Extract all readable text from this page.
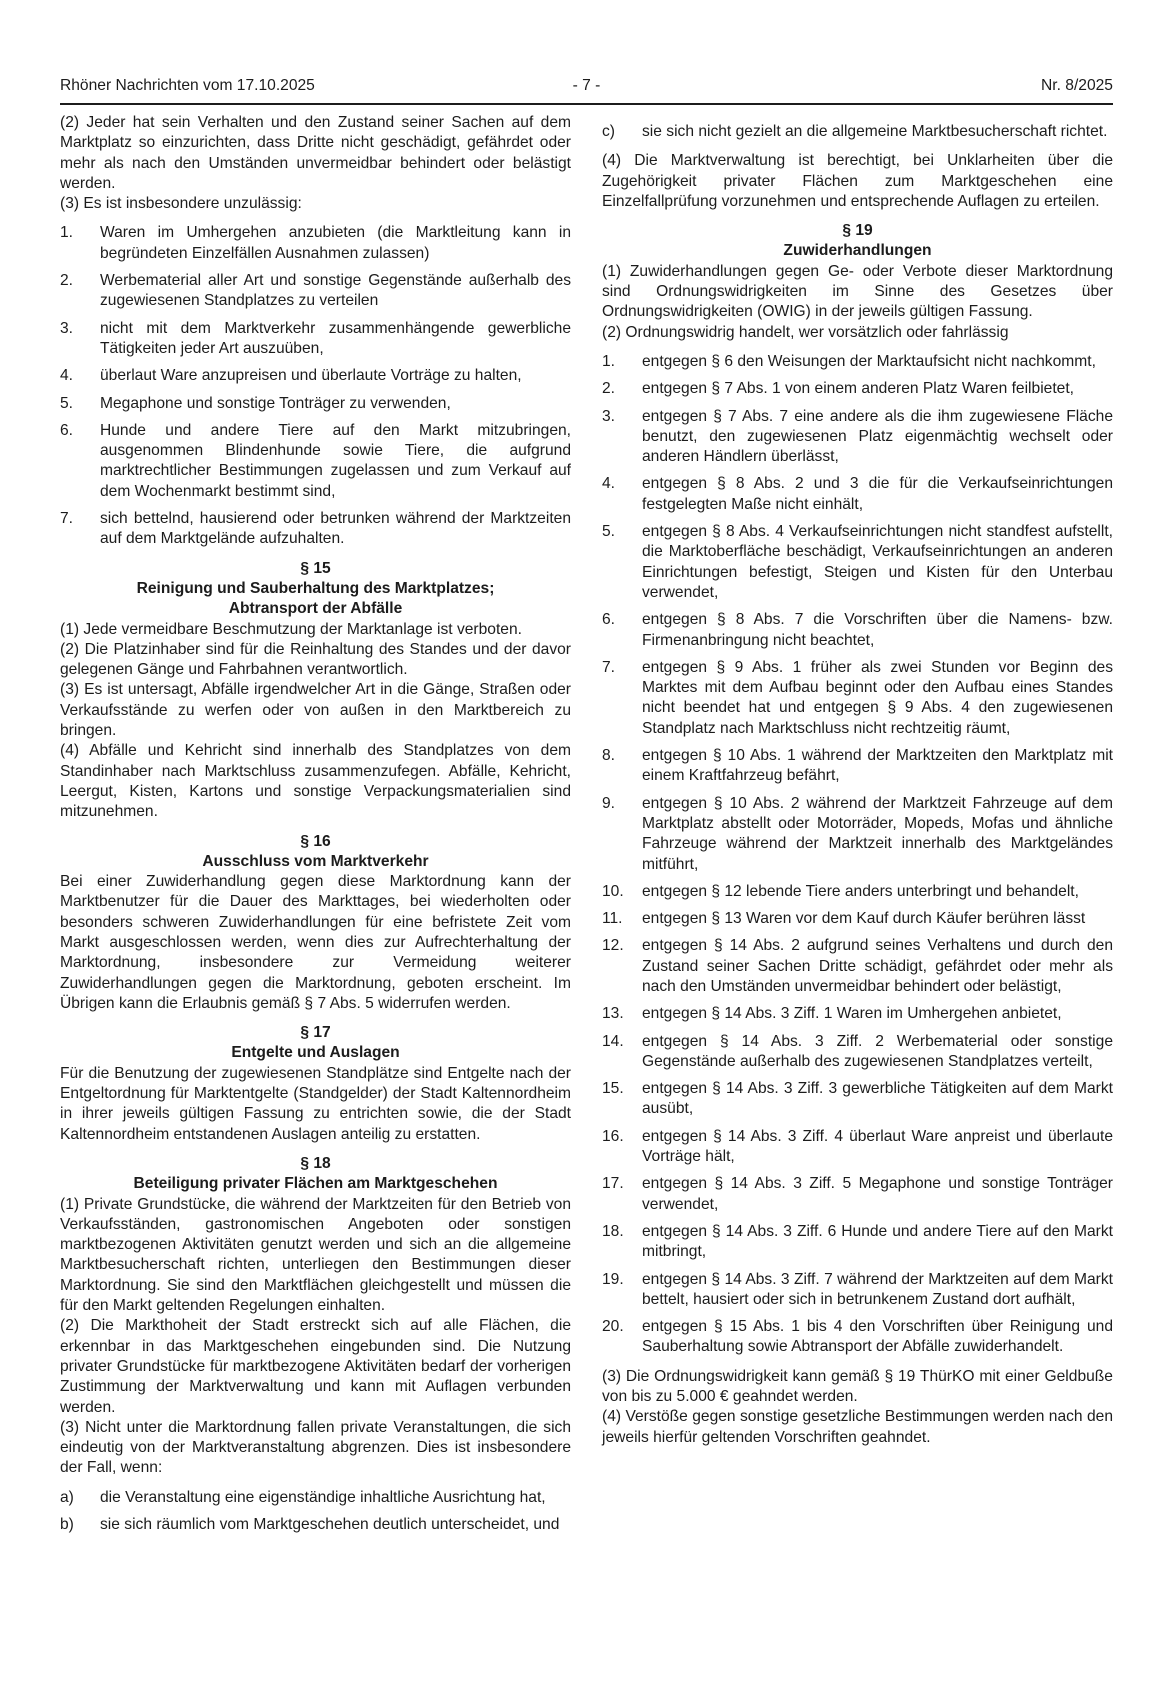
Rhöner Nachrichten vom 17.10.2025	- 7 -	Nr. 8/2025

(2) Jeder hat sein Verhalten und den Zustand seiner Sachen auf dem Marktplatz so einzurichten, dass Dritte nicht geschädigt, gefährdet oder mehr als nach den Umständen unvermeidbar behindert oder belästigt werden.

(3) Es ist insbesondere unzulässig:

1.	Waren im Umhergehen anzubieten (die Marktleitung kann in begründeten Einzelfällen Ausnahmen zulassen)
2.	Werbematerial aller Art und sonstige Gegenstände außerhalb des zugewiesenen Standplatzes zu verteilen
3.	nicht mit dem Marktverkehr zusammenhängende gewerbliche Tätigkeiten jeder Art auszuüben,
4.	überlaut Ware anzupreisen und überlaute Vorträge zu halten,
5.	Megaphone und sonstige Tonträger zu verwenden,
6.	Hunde und andere Tiere auf den Markt mitzubringen, ausgenommen Blindenhunde sowie Tiere, die aufgrund marktrechtlicher Bestimmungen zugelassen und zum Verkauf auf dem Wochenmarkt bestimmt sind,
7.	sich bettelnd, hausierend oder betrunken während der Marktzeiten auf dem Marktgelände aufzuhalten.
§ 15
Reinigung und Sauberhaltung des Marktplatzes;
Abtransport der Abfälle

(1) Jede vermeidbare Beschmutzung der Marktanlage ist verboten.

(2) Die Platzinhaber sind für die Reinhaltung des Standes und der davor gelegenen Gänge und Fahrbahnen verantwortlich.

(3) Es ist untersagt, Abfälle irgendwelcher Art in die Gänge, Straßen oder Verkaufsstände zu werfen oder von außen in den Marktbereich zu bringen.

(4) Abfälle und Kehricht sind innerhalb des Standplatzes von dem Standinhaber nach Marktschluss zusammenzufegen. Abfälle, Kehricht, Leergut, Kisten, Kartons und sonstige Verpackungsmaterialien sind mitzunehmen.

§ 16
Ausschluss vom Marktverkehr

Bei einer Zuwiderhandlung gegen diese Marktordnung kann der Marktbenutzer für die Dauer des Markttages, bei wiederholten oder besonders schweren Zuwiderhandlungen für eine befristete Zeit vom Markt ausgeschlossen werden, wenn dies zur Aufrechterhaltung der Marktordnung, insbesondere zur Vermeidung weiterer Zuwiderhandlungen gegen die Marktordnung, geboten erscheint. Im Übrigen kann die Erlaubnis gemäß § 7 Abs. 5 widerrufen werden.

§ 17
Entgelte und Auslagen

Für die Benutzung der zugewiesenen Standplätze sind Entgelte nach der Entgeltordnung für Marktentgelte (Standgelder) der Stadt Kaltennordheim in ihrer jeweils gültigen Fassung zu entrichten sowie, die der Stadt Kaltennordheim entstandenen Auslagen anteilig zu erstatten.

§ 18
Beteiligung privater Flächen am Marktgeschehen

(1) Private Grundstücke, die während der Marktzeiten für den Betrieb von Verkaufsständen, gastronomischen Angeboten oder sonstigen marktbezogenen Aktivitäten genutzt werden und sich an die allgemeine Marktbesucherschaft richten, unterliegen den Bestimmungen dieser Marktordnung. Sie sind den Marktflächen gleichgestellt und müssen die für den Markt geltenden Regelungen einhalten.

(2) Die Markthoheit der Stadt erstreckt sich auf alle Flächen, die erkennbar in das Marktgeschehen eingebunden sind. Die Nutzung privater Grundstücke für marktbezogene Aktivitäten bedarf der vorherigen Zustimmung der Marktverwaltung und kann mit Auflagen verbunden werden.

(3) Nicht unter die Marktordnung fallen private Veranstaltungen, die sich eindeutig von der Marktveranstaltung abgrenzen. Dies ist insbesondere der Fall, wenn:

a)	die Veranstaltung eine eigenständige inhaltliche Ausrichtung hat,
b)	sie sich räumlich vom Marktgeschehen deutlich unterscheidet, und
c)	sie sich nicht gezielt an die allgemeine Marktbesucherschaft richtet.

(4) Die Marktverwaltung ist berechtigt, bei Unklarheiten über die Zugehörigkeit privater Flächen zum Marktgeschehen eine Einzelfallprüfung vorzunehmen und entsprechende Auflagen zu erteilen.

§ 19
Zuwiderhandlungen

(1) Zuwiderhandlungen gegen Ge- oder Verbote dieser Marktordnung sind Ordnungswidrigkeiten im Sinne des Gesetzes über Ordnungswidrigkeiten (OWIG) in der jeweils gültigen Fassung.

(2) Ordnungswidrig handelt, wer vorsätzlich oder fahrlässig

1.	entgegen § 6 den Weisungen der Marktaufsicht nicht nachkommt,
2.	entgegen § 7 Abs. 1 von einem anderen Platz Waren feilbietet,
3.	entgegen § 7 Abs. 7 eine andere als die ihm zugewiesene Fläche benutzt, den zugewiesenen Platz eigenmächtig wechselt oder anderen Händlern überlässt,
4.	entgegen § 8 Abs. 2 und 3 die für die Verkaufseinrichtungen festgelegten Maße nicht einhält,
5.	entgegen § 8 Abs. 4 Verkaufseinrichtungen nicht standfest aufstellt, die Marktoberfläche beschädigt, Verkaufseinrichtungen an anderen Einrichtungen befestigt, Steigen und Kisten für den Unterbau verwendet,
6.	entgegen § 8 Abs. 7 die Vorschriften über die Namens- bzw. Firmenanbringung nicht beachtet,
7.	entgegen § 9 Abs. 1 früher als zwei Stunden vor Beginn des Marktes mit dem Aufbau beginnt oder den Aufbau eines Standes nicht beendet hat und entgegen § 9 Abs. 4 den zugewiesenen Standplatz nach Marktschluss nicht rechtzeitig räumt,
8.	entgegen § 10 Abs. 1 während der Marktzeiten den Marktplatz mit einem Kraftfahrzeug befährt,
9.	entgegen § 10 Abs. 2 während der Marktzeit Fahrzeuge auf dem Marktplatz abstellt oder Motorräder, Mopeds, Mofas und ähnliche Fahrzeuge während der Marktzeit innerhalb des Marktgeländes mitführt,
10.	entgegen § 12 lebende Tiere anders unterbringt und behandelt,
11.	entgegen § 13 Waren vor dem Kauf durch Käufer berühren lässt
12.	entgegen § 14 Abs. 2 aufgrund seines Verhaltens und durch den Zustand seiner Sachen Dritte schädigt, gefährdet oder mehr als nach den Umständen unvermeidbar behindert oder belästigt,
13.	entgegen § 14 Abs. 3 Ziff. 1 Waren im Umhergehen anbietet,
14.	entgegen § 14 Abs. 3 Ziff. 2 Werbematerial oder sonstige Gegenstände außerhalb des zugewiesenen Standplatzes verteilt,
15.	entgegen § 14 Abs. 3 Ziff. 3 gewerbliche Tätigkeiten auf dem Markt ausübt,
16.	entgegen § 14 Abs. 3 Ziff. 4 überlaut Ware anpreist und überlaute Vorträge hält,
17.	entgegen § 14 Abs. 3 Ziff. 5 Megaphone und sonstige Tonträger verwendet,
18.	entgegen § 14 Abs. 3 Ziff. 6 Hunde und andere Tiere auf den Markt mitbringt,
19.	entgegen § 14 Abs. 3 Ziff. 7 während der Marktzeiten auf dem Markt bettelt, hausiert oder sich in betrunkenem Zustand dort aufhält,
20.	entgegen § 15 Abs. 1 bis 4 den Vorschriften über Reinigung und Sauberhaltung sowie Abtransport der Abfälle zuwiderhandelt.

(3) Die Ordnungswidrigkeit kann gemäß § 19 ThürKO mit einer Geldbuße von bis zu 5.000 € geahndet werden.

(4) Verstöße gegen sonstige gesetzliche Bestimmungen werden nach den jeweils hierfür geltenden Vorschriften geahndet.
